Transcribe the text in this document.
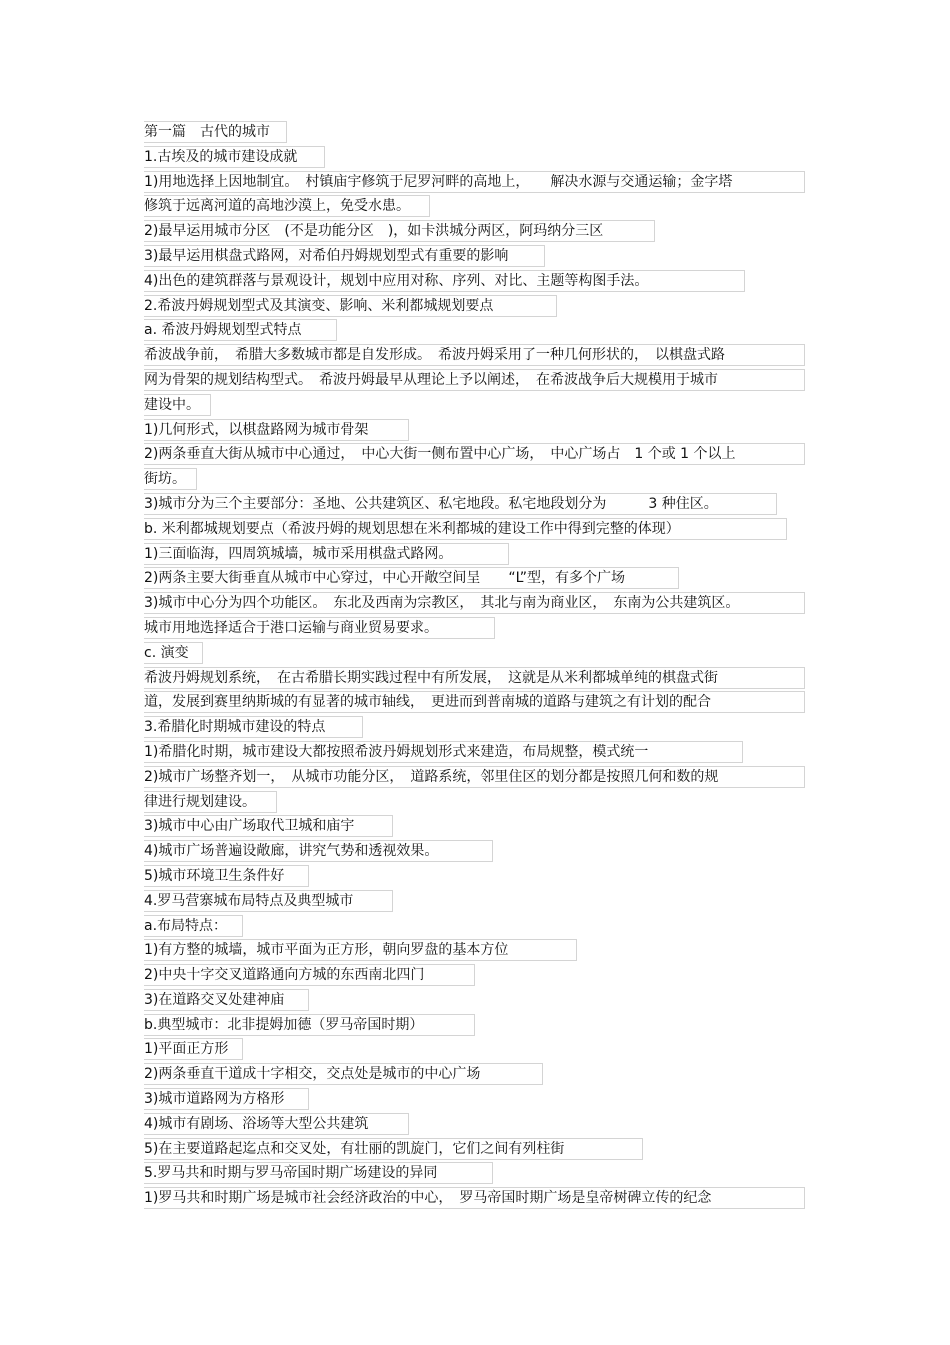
第一篇　古代的城市
1.古埃及的城市建设成就
1)用地选择上因地制宜。　村镇庙宇修筑于尼罗河畔的高地上，　　解决水源与交通运输；金字塔
修筑于远离河道的高地沙漠上，免受水患。
2)最早运用城市分区　(不是功能分区　)，如卡洪城分两区，阿玛纳分三区
3)最早运用棋盘式路网，对希伯丹姆规划型式有重要的影响
4)出色的建筑群落与景观设计，规划中应用对称、序列、对比、主题等构图手法。
2.希波丹姆规划型式及其演变、影响、米利都城规划要点
a. 希波丹姆规划型式特点
希波战争前，　希腊大多数城市都是自发形成。　希波丹姆采用了一种几何形状的，　以棋盘式路
网为骨架的规划结构型式。　希波丹姆最早从理论上予以阐述，　在希波战争后大规模用于城市
建设中。
1)几何形式，以棋盘路网为城市骨架
2)两条垂直大街从城市中心通过，　中心大街一侧布置中心广场，　中心广场占　1 个或 1 个以上
街坊。
3)城市分为三个主要部分：圣地、公共建筑区、私宅地段。私宅地段划分为　　　3 种住区。
b. 米利都城规划要点（希波丹姆的规划思想在米利都城的建设工作中得到完整的体现）
1)三面临海，四周筑城墙，城市采用棋盘式路网。
2)两条主要大街垂直从城市中心穿过，中心开敞空间呈　　“L”型，有多个广场
3)城市中心分为四个功能区。　东北及西南为宗教区，　其北与南为商业区，　东南为公共建筑区。
城市用地选择适合于港口运输与商业贸易要求。
c. 演变
希波丹姆规划系统，　在古希腊长期实践过程中有所发展，　这就是从米利都城单纯的棋盘式街
道，发展到赛里纳斯城的有显著的城市轴线，　更进而到普南城的道路与建筑之有计划的配合
3.希腊化时期城市建设的特点
1)希腊化时期，城市建设大都按照希波丹姆规划形式来建造，布局规整，模式统一
2)城市广场整齐划一，　从城市功能分区，　道路系统，邻里住区的划分都是按照几何和数的规
律进行规划建设。
3)城市中心由广场取代卫城和庙宇
4)城市广场普遍设敞廊，讲究气势和透视效果。
5)城市环境卫生条件好
4.罗马营寨城布局特点及典型城市
a.布局特点：
1)有方整的城墙，城市平面为正方形，朝向罗盘的基本方位
2)中央十字交叉道路通向方城的东西南北四门
3)在道路交叉处建神庙
b.典型城市：北非提姆加德（罗马帝国时期）
1)平面正方形
2)两条垂直干道成十字相交，交点处是城市的中心广场
3)城市道路网为方格形
4)城市有剧场、浴场等大型公共建筑
5)在主要道路起迄点和交叉处，有壮丽的凯旋门，它们之间有列柱街
5.罗马共和时期与罗马帝国时期广场建设的异同
1)罗马共和时期广场是城市社会经济政治的中心，　罗马帝国时期广场是皇帝树碑立传的纪念
